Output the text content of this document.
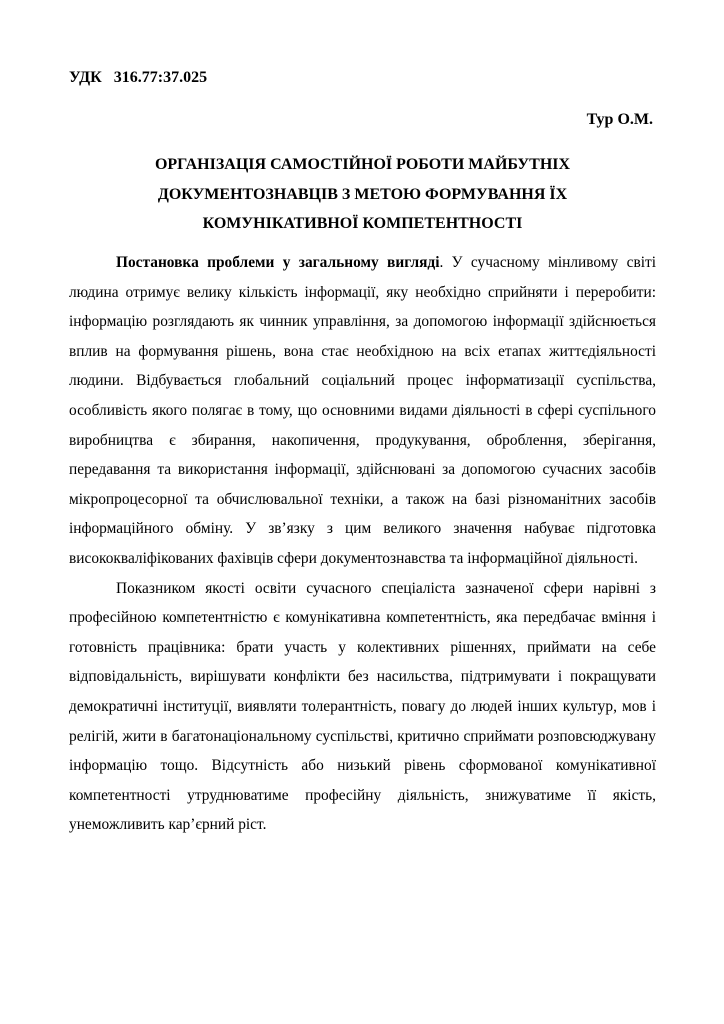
УДК   316.77:37.025
Тур О.М.
ОРГАНІЗАЦІЯ САМОСТІЙНОЇ РОБОТИ МАЙБУТНІХ
ДОКУМЕНТОЗНАВЦІВ З МЕТОЮ ФОРМУВАННЯ ЇХ
КОМУНІКАТИВНОЇ КОМПЕТЕНТНОСТІ

Постановка проблеми у загальному вигляді. У сучасному мінливому світі людина отримує велику кількість інформації, яку необхідно сприйняти і переробити: інформацію розглядають як чинник управління, за допомогою інформації здійснюється вплив на формування рішень, вона стає необхідною на всіх етапах життєдіяльності людини. Відбувається глобальний соціальний процес інформатизації суспільства, особливість якого полягає в тому, що основними видами діяльності в сфері суспільного виробництва є збирання, накопичення, продукування, оброблення, зберігання, передавання та використання інформації, здійснювані за допомогою сучасних засобів мікропроцесорної та обчислювальної техніки, а також на базі різноманітних засобів інформаційного обміну. У зв’язку з цим великого значення набуває підготовка висококваліфікованих фахівців сфери документознавства та інформаційної діяльності.

Показником якості освіти сучасного спеціаліста зазначеної сфери нарівні з професійною компетентністю є комунікативна компетентність, яка передбачає вміння і готовність працівника: брати участь у колективних рішеннях, приймати на себе відповідальність, вирішувати конфлікти без насильства, підтримувати і покращувати демократичні інституції, виявляти толерантність, повагу до людей інших культур, мов і релігій, жити в багатонаціональному суспільстві, критично сприймати розповсюджувану інформацію тощо. Відсутність або низький рівень сформованої комунікативної компетентності утруднюватиме професійну діяльність, знижуватиме її якість, унеможливить кар’єрний ріст.
